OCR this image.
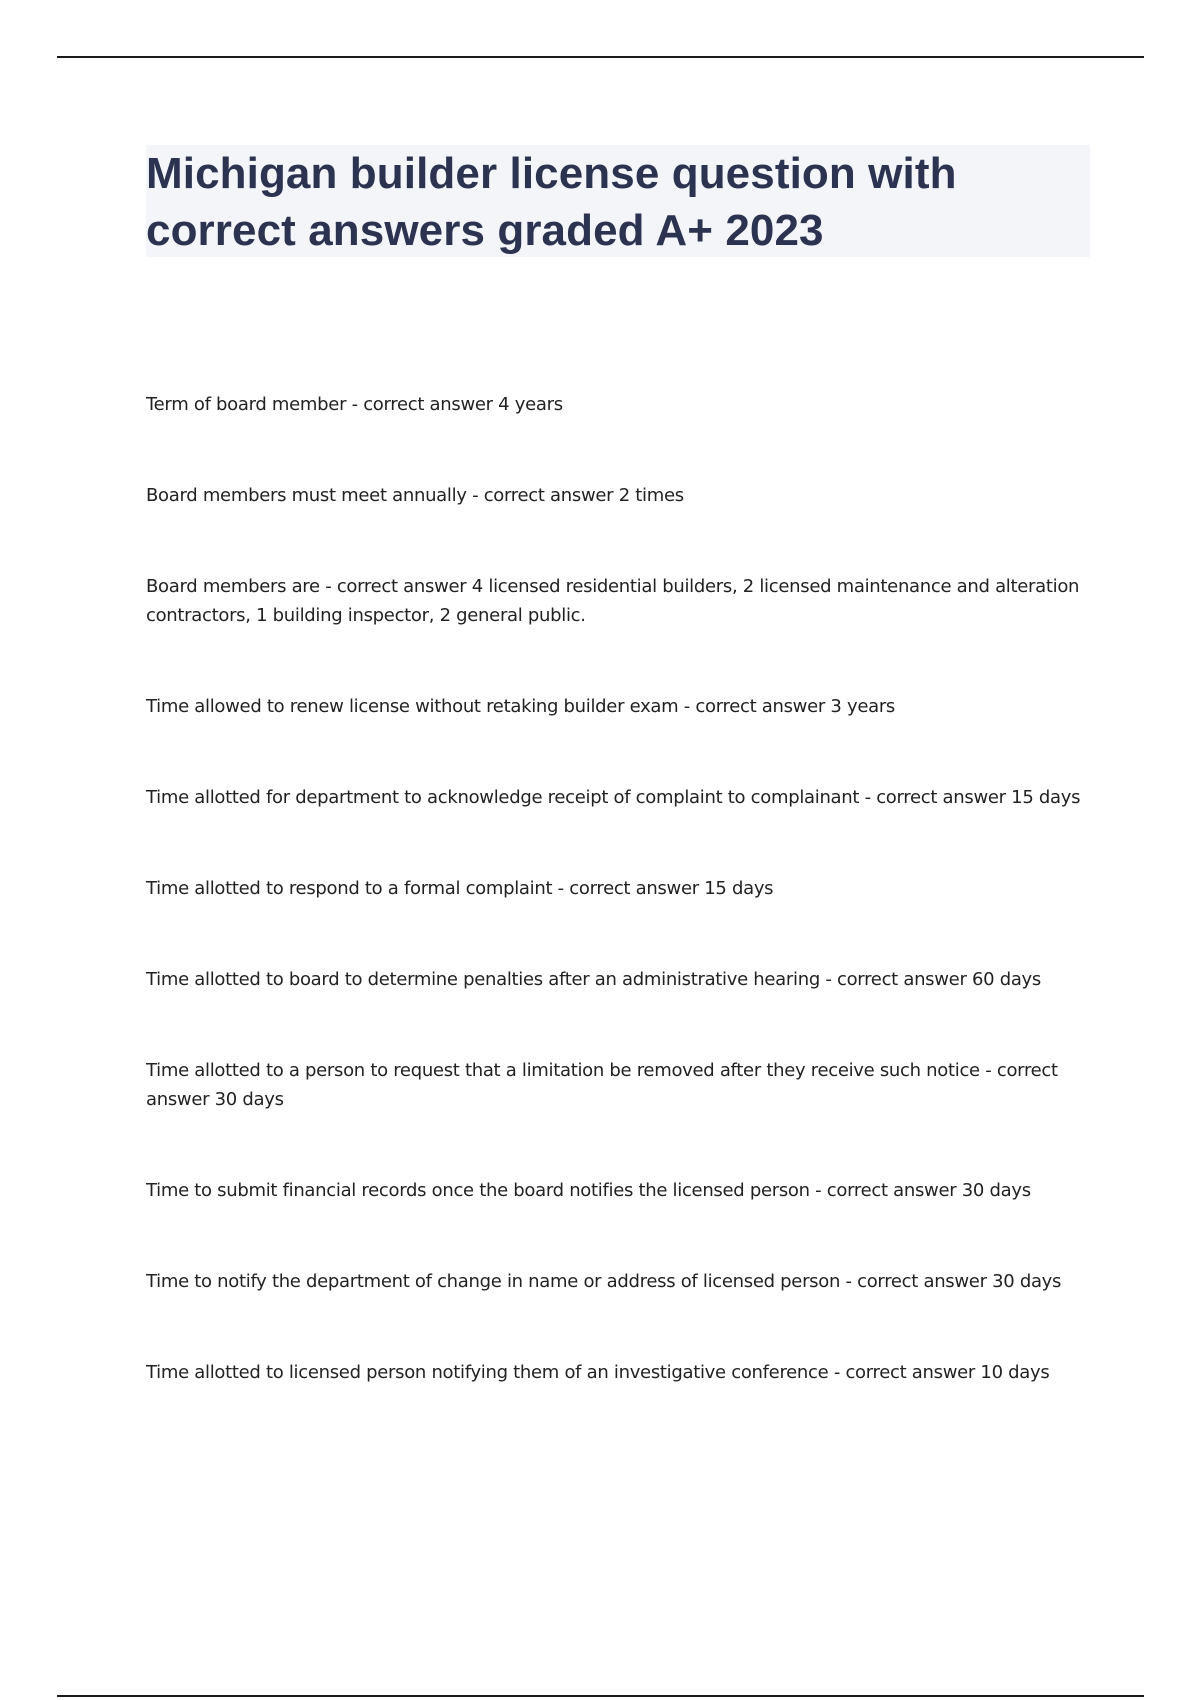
Michigan builder license question with correct answers graded A+ 2023
Term of board member - correct answer 4 years
Board members must meet annually - correct answer 2 times
Board members are - correct answer 4 licensed residential builders, 2 licensed maintenance and alteration contractors, 1 building inspector, 2 general public.
Time allowed to renew license without retaking builder exam - correct answer 3 years
Time allotted for department to acknowledge receipt of complaint to complainant - correct answer 15 days
Time allotted to respond to a formal complaint - correct answer 15 days
Time allotted to board to determine penalties after an administrative hearing - correct answer 60 days
Time allotted to a person to request that a limitation be removed after they receive such notice - correct answer 30 days
Time to submit financial records once the board notifies the licensed person - correct answer 30 days
Time to notify the department of change in name or address of licensed person - correct answer 30 days
Time allotted to licensed person notifying them of an investigative conference - correct answer 10 days
